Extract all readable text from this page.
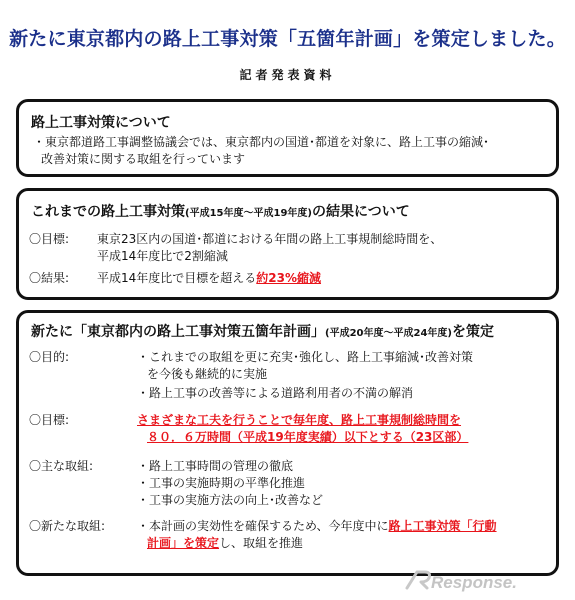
新たに東京都内の路上工事対策「五箇年計画」を策定しました。
記者発表資料
路上工事対策について
・東京都道路工事調整協議会では、東京都内の国道･都道を対象に、路上工事の縮減･
改善対策に関する取組を行っています
これまでの路上工事対策(平成15年度～平成19年度)の結果について
〇目標: 東京23区内の国道･都道における年間の路上工事規制総時間を、
平成14年度比で2割縮減
〇結果: 平成14年度比で目標を超える約23%縮減
新たに「東京都内の路上工事対策五箇年計画」(平成20年度～平成24年度)を策定
〇目的:	・これまでの取組を更に充実･強化し、路上工事縮減･改善対策
を今後も継続的に実施
・路上工事の改善等による道路利用者の不満の解消
〇目標:	さまざまな工夫を行うことで毎年度、路上工事規制総時間を
８０．６万時間（平成19年度実績）以下とする（23区部）
〇主な取組:	・路上工事時間の管理の徹底
・工事の実施時期の平準化推進
・工事の実施方法の向上･改善など
〇新たな取組:	・本計画の実効性を確保するため、今年度中に路上工事対策「行動
計画」を策定し、取組を推進
Response.
